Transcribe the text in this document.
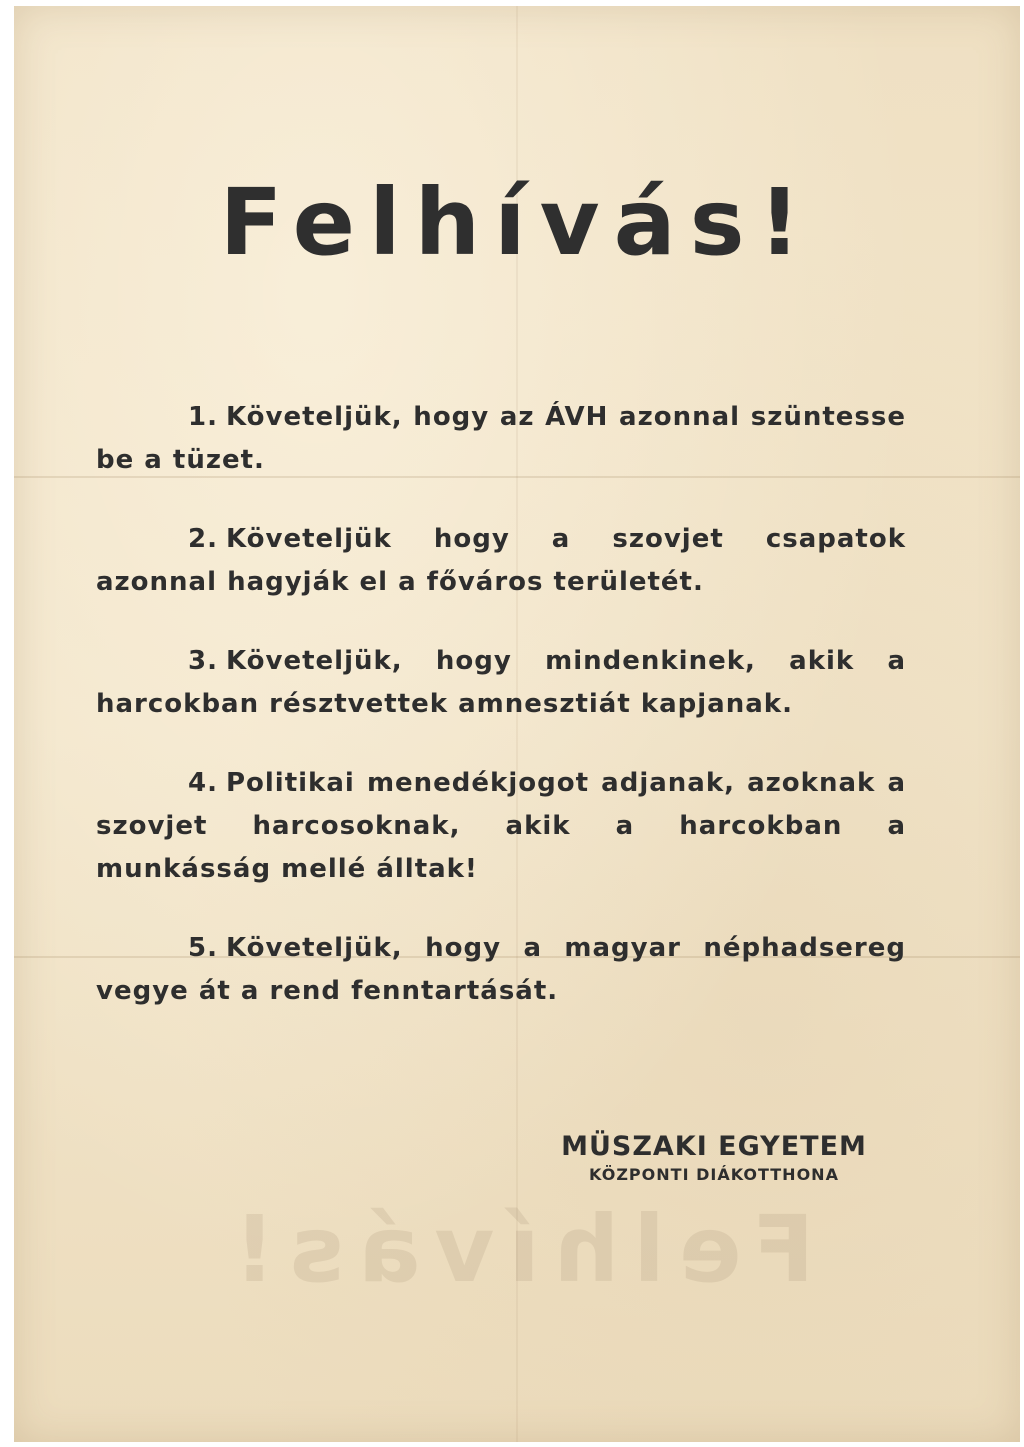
Felhívás!
Felhívás!
1. Követeljük, hogy az ÁVH azonnal szüntesse be a tüzet.
2. Követeljük hogy a szovjet csapatok azonnal hagyják el a főváros területét.
3. Követeljük, hogy mindenkinek, akik a harcokban résztvettek amnesztiát kapjanak.
4. Politikai menedékjogot adjanak, azoknak a szovjet harcosoknak, akik a harcokban a munkásság mellé álltak!
5. Követeljük, hogy a magyar néphadsereg vegye át a rend fenntartását.
MÜSZAKI EGYETEM
KÖZPONTI DIÁKOTTHONA
